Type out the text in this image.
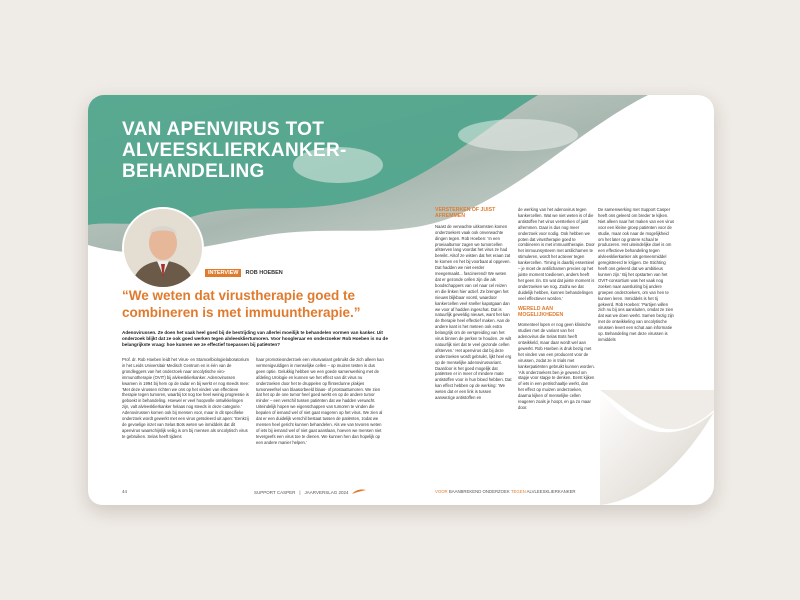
VAN APENVIRUS TOT
ALVEESKLIERKANKER-
BEHANDELING
INTERVIEW	ROB HOEBEN
“We weten dat virustherapie goed te combineren is met immuuntherapie.”
Adenovirussen. Ze doen het vaak heel goed bij de bestrijding van allerlei moeilijk te behandelen vormen van kanker. Uit onderzoek blijkt dat ze ook goed werken tegen alvleeskliertumoren. Voor hoogleraar en onderzoeker Rob Hoeben is nu de belangrijkste vraag: hoe kunnen we ze effectief toepassen bij patiënten?
Prof. dr. Rob Hoeben leidt het Virus- en Stamcelbiologielaboratorium in het Leids Universitair Medisch Centrum en is één van de grondleggers van het onderzoek naar oncolytische viro-immunotherapie (OVIT) bij alvleesklierkanker. Adenovirussen kwamen in 1994 bij hem op de radar en bij werkt er nog steeds mee: ‘Met deze virussen richten we ons op het vinden van effectieve therapie tegen tumoren, waarbij tot nog toe heel weinig progressie is geboekt in behandeling. Hoewel er veel hoopvolle ontwikkelingen zijn, valt alvleesklierkanker helaas nog steeds in deze categorie.’ Adenovirussen komen ook bij mensen voor, maar in dit specifieke onderzoek wordt gewerkt met een virus geïsoleerd uit apen: ‘Eenkzij de gevoelige inzet van Selas Bots weten we inmiddels dat dit apenvirus waarschijnlijk veilig is om bij mensen als oncolytisch virus te gebruiken. Selas heeft tijdens
haar promotieonderzoek een virusvariant gebruikt die zich alleen kan vermenigvuldigen in menselijke cellen – op muizen testen is dus geen optie. Gelukkig hebben we een goede samenwerking met de afdeling Urologie en kunnen we het effect van dit virus nu onderzoeken door het te druppelen op flinterdunne plakjes tumorweefsel van blaasorbeeld blaas- of prostaattumoren. We zien dat het op de one tumor heel goed werkt en op de andere tumor minder – een verschil tussen patiënten dat we hadden verwacht. Uiteindelijk hopen we eigenschappen van tumoren te vinden die bepalen of iemand wel of niet gaat reageren op het virus. We zien al dat er een duidelijk verschil bestaat tussen de patiënten, zodat we mensen heel gericht kunnen behandelen. Als we van tevoren weten of iets bij iemand wel of niet gaat aanslaan, hoeven we mensen niet tevergeefs een virus toe te dienen. We kunnen hen dan hopelijk op een andere manier helpen.’
VERSTERKEN OF JUIST AFREMMEN

Naast de verwachte uitkomsten komen onderzoekers vaak ook onverwachte dingen tegen. Rob Hoeben: ‘In een proeiaaltumor zagen we tumorcellen afsterven lang voordat het virus ze had bereikt. Alsof ze wisten dat het eraan zat te komen en het bij voorbaat al opgeven. Dat hadden we niet eerder meegemaakt... fascinerend! We weten dat er gezonde cellen zijn die als boodschappers van cel naar cel reizen en die linken hier actief. Ze brengen het nieuws blijkbaar voorsl, waardoor kankercellen veel sneller kapotgaan dan we voor af hadden ingeschat. Dat is natuurlijk geweldig nieuws, want het kan de therapie heel effectief maken. Aan de andere kant is het meteen ook extra belangrijk om de verspreiding van het virus binnen de perken te houden. Je wilt natuurlijk niet dat te veel gezonde cellen afsterven.’ Het apenvirus dat bij deze onderzoeken wordt gebruikt, lijkt heel erg op de menselijke adenovirusvariant. Daardoor is het goed mogelijk dat patiënten er in meer of mindere mate antistoffen voor in hun bloed hebben. Dat kan effect hebben op de werking: ‘We weten dat er een link is tussen aanwezige antistoffen en

de werking van het adenovirus tegen kankercellen. Wat we niet weten is of die antistoffen het virus versterken of juist afremmen. Daar is dus nog meer onderzoek voor nodig. Ook hebben we poten dat virustherapie goed te combineren is met immuuntherapie. Door het immuunsysteem met antilichamen te stimuleren, wordt het actiever tegen kankercellen. Timing is daarbij essentieel – je moet de antilichamen precies op het juiste moment toedienen, anders heeft het geen zin. En wat dat juiste moment is onderzoeken we nog. Zodra we dat duidelijk hebben, kunnen behandelingen veel effectiever worden.’

WERELD AAN MOGELIJKHEDEN

Momenteel lopen er nog geen klinische studies met de variant van het adenovirus die Selas Bots heeft ontwikkeld, maar daar wordt wel aan gewerkt. Rob Hoeben is druk bezig met het vinden van een producent voor de virussen, zodat ze in trials met kankerpatiënten gebruikt kunnen worden. ‘Als onderzoekers ben je gewend om stapje voor stapje te denken. Eerst kijken of iets in een petrischaaltje werkt, dan het effect op muizen onderzoeken, daarna kijken of menselijke cellen reageren zoals je hoopt, en ga zo maar door.

De samenwerking met Support Casper heeft ons geleerd om breder te kijken. Niet alleen naar het maken van een virus voor een kleine groep patiënten voor de studie, maar ook naar de mogelijkheid om het later op grotere schaal te produceren. Het uiteindelijke doel is om een effectieve behandeling tegen alvleesklierkanker als gemeenmiddel geregistreerd te krijgen. De Stichting heeft ons geleerd dat we ambitieus kunnen zijn.’ Bij het opstarten van het OVIT-consortium was het vaak nog zoeken naar aansluiting bij andere groepen onderzoekers, om van hen te kunnen leren. Inmiddels is het tij gekeerd. Rob Hoeben: ‘Partijen willen zich nu bij ons aansluiten, omdat ze zien dat wat we doen werkt. Samen bezig zijn met de ontwikkeling van oncolytische virussen levert een schat aan informatie op. Behandeling met deze virussen is inmiddels
44	SUPPORT CASPER | JAARVERSLAG 2024	VOOR BAANBREKEND ONDERZOEK TEGEN ALVLEESKLIERKANKER
